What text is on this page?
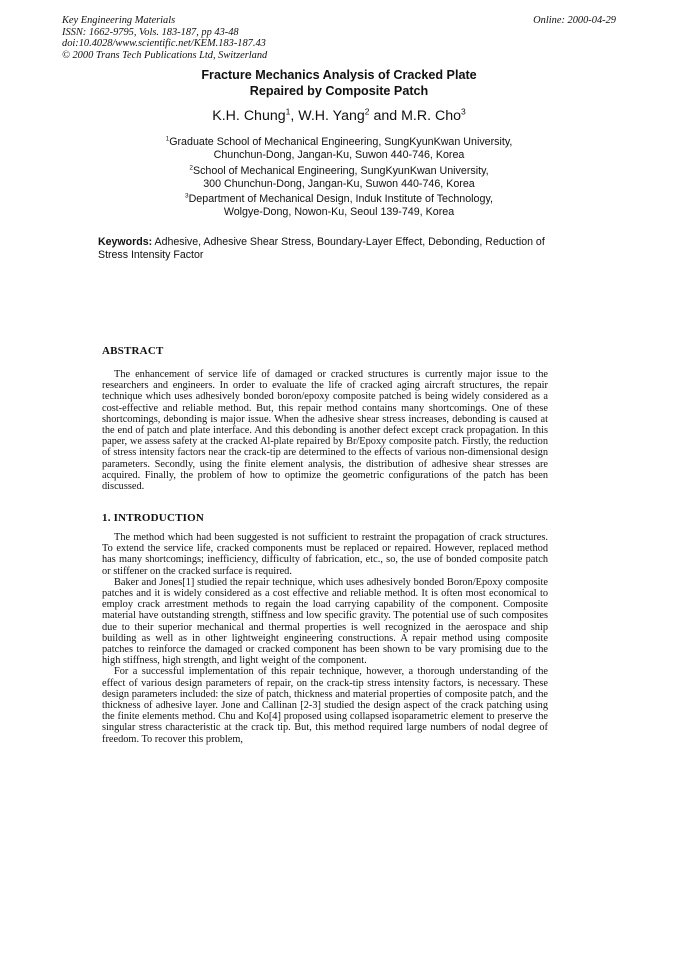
Key Engineering Materials
ISSN: 1662-9795, Vols. 183-187, pp 43-48
doi:10.4028/www.scientific.net/KEM.183-187.43
© 2000 Trans Tech Publications Ltd, Switzerland
Online: 2000-04-29
Fracture Mechanics Analysis of Cracked Plate
Repaired by Composite Patch
K.H. Chung$^1$, W.H. Yang$^2$ and M.R. Cho$^3$
$^1$Graduate School of Mechanical Engineering, SungKyunKwan University,
Chunchun-Dong, Jangan-Ku, Suwon 440-746, Korea
$^2$School of Mechanical Engineering, SungKyunKwan University,
300 Chunchun-Dong, Jangan-Ku, Suwon 440-746, Korea
$^3$Department of Mechanical Design, Induk Institute of Technology,
Wolgye-Dong, Nowon-Ku, Seoul 139-749, Korea
Keywords: Adhesive, Adhesive Shear Stress, Boundary-Layer Effect, Debonding, Reduction of Stress Intensity Factor
ABSTRACT

The enhancement of service life of damaged or cracked structures is currently major issue to the researchers and engineers. In order to evaluate the life of cracked aging aircraft structures, the repair technique which uses adhesively bonded boron/epoxy composite patched is being widely considered as a cost-effective and reliable method. But, this repair method contains many shortcomings. One of these shortcomings, debonding is major issue. When the adhesive shear stress increases, debonding is caused at the end of patch and plate interface. And this debonding is another defect except crack propagation. In this paper, we assess safety at the cracked Al-plate repaired by Br/Epoxy composite patch. Firstly, the reduction of stress intensity factors near the crack-tip are determined to the effects of various non-dimensional design parameters. Secondly, using the finite element analysis, the distribution of adhesive shear stresses are acquired. Finally, the problem of how to optimize the geometric configurations of the patch has been discussed.

1. INTRODUCTION

The method which had been suggested is not sufficient to restraint the propagation of crack structures. To extend the service life, cracked components must be replaced or repaired. However, replaced method has many shortcomings; inefficiency, difficulty of fabrication, etc., so, the use of bonded composite patch or stiffener on the cracked surface is required.

Baker and Jones[1] studied the repair technique, which uses adhesively bonded Boron/Epoxy composite patches and it is widely considered as a cost effective and reliable method. It is often most economical to employ crack arrestment methods to regain the load carrying capability of the component. Composite material have outstanding strength, stiffness and low specific gravity. The potential use of such composites due to their superior mechanical and thermal properties is well recognized in the aerospace and ship building as well as in other lightweight engineering constructions. A repair method using composite patches to reinforce the damaged or cracked component has been shown to be vary promising due to the high stiffness, high strength, and light weight of the component.

For a successful implementation of this repair technique, however, a thorough understanding of the effect of various design parameters of repair, on the crack-tip stress intensity factors, is necessary. These design parameters included: the size of patch, thickness and material properties of composite patch, and the thickness of adhesive layer. Jone and Callinan [2-3] studied the design aspect of the crack patching using the finite elements method. Chu and Ko[4] proposed using collapsed isoparametric element to preserve the singular stress characteristic at the crack tip. But, this method required large numbers of nodal degree of freedom. To recover this problem,
